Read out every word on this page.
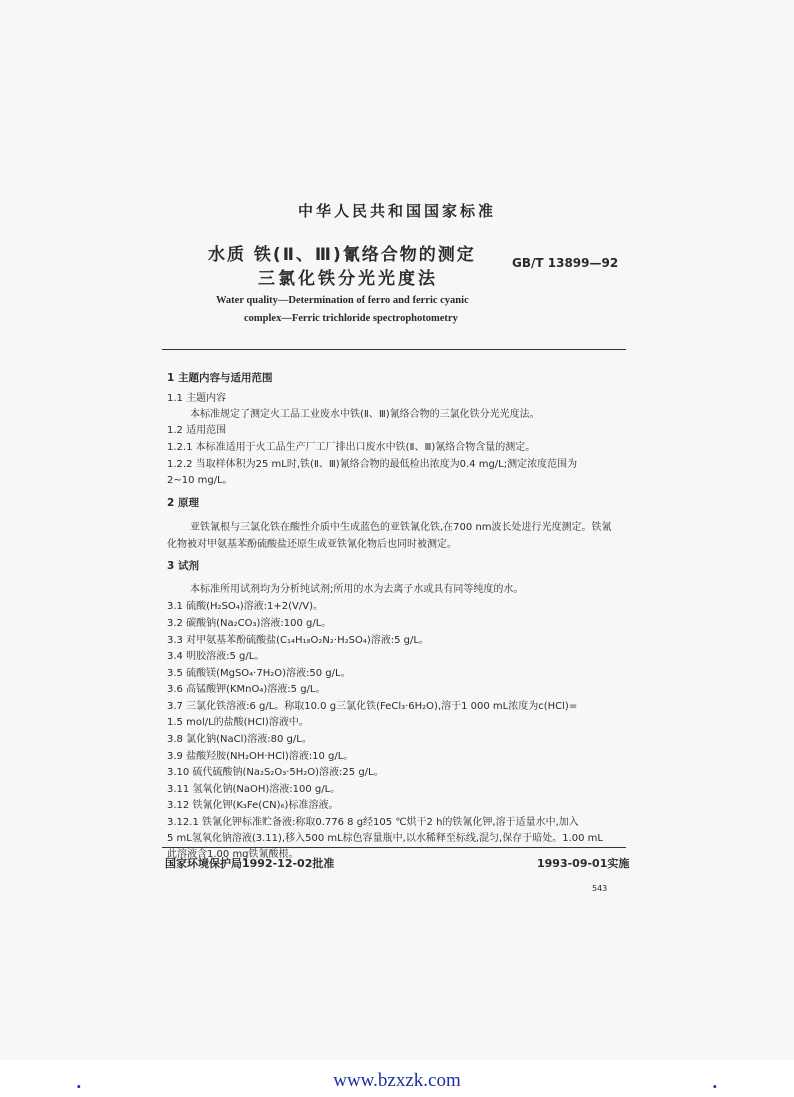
中华人民共和国国家标准
水质 铁(Ⅱ、Ⅲ)氰络合物的测定
三氯化铁分光光度法
GB/T 13899—92
Water quality—Determination of ferro and ferric cyanic
complex—Ferric trichloride spectrophotometry
1 主题内容与适用范围
1.1 主题内容
本标准规定了测定火工品工业废水中铁(Ⅱ、Ⅲ)氰络合物的三氯化铁分光光度法。
1.2 适用范围
1.2.1 本标准适用于火工品生产厂工厂排出口废水中铁(Ⅱ、Ⅲ)氰络合物含量的测定。
1.2.2 当取样体积为25 mL时,铁(Ⅱ、Ⅲ)氰络合物的最低检出浓度为0.4 mg/L;测定浓度范围为
2~10 mg/L。
2 原理
亚铁氰根与三氯化铁在酸性介质中生成蓝色的亚铁氰化铁,在700 nm波长处进行光度测定。铁氰
化物被对甲氨基苯酚硫酸盐还原生成亚铁氰化物后也同时被测定。
3 试剂
本标准所用试剂均为分析纯试剂;所用的水为去离子水或具有同等纯度的水。
3.1 硫酸(H₂SO₄)溶液:1+2(V/V)。
3.2 碳酸钠(Na₂CO₃)溶液:100 g/L。
3.3 对甲氨基苯酚硫酸盐(C₁₄H₁₈O₂N₂·H₂SO₄)溶液:5 g/L。
3.4 明胶溶液:5 g/L。
3.5 硫酸镁(MgSO₄·7H₂O)溶液:50 g/L。
3.6 高锰酸钾(KMnO₄)溶液:5 g/L。
3.7 三氯化铁溶液:6 g/L。称取10.0 g三氯化铁(FeCl₃·6H₂O),溶于1 000 mL浓度为c(HCl)=
1.5 mol/L的盐酸(HCl)溶液中。
3.8 氯化钠(NaCl)溶液:80 g/L。
3.9 盐酸羟胺(NH₂OH·HCl)溶液:10 g/L。
3.10 硫代硫酸钠(Na₂S₂O₃·5H₂O)溶液:25 g/L。
3.11 氢氧化钠(NaOH)溶液:100 g/L。
3.12 铁氰化钾(K₃Fe(CN)₆)标准溶液。
3.12.1 铁氰化钾标准贮备液:称取0.776 8 g经105 ℃烘干2 h的铁氰化钾,溶于适量水中,加入
5 mL氢氧化钠溶液(3.11),移入500 mL棕色容量瓶中,以水稀释至标线,混匀,保存于暗处。1.00 mL
此溶液含1.00 mg铁氰酸根。
国家环境保护局1992-12-02批准	1993-09-01实施
543
.	www.bzxzk.com	.
